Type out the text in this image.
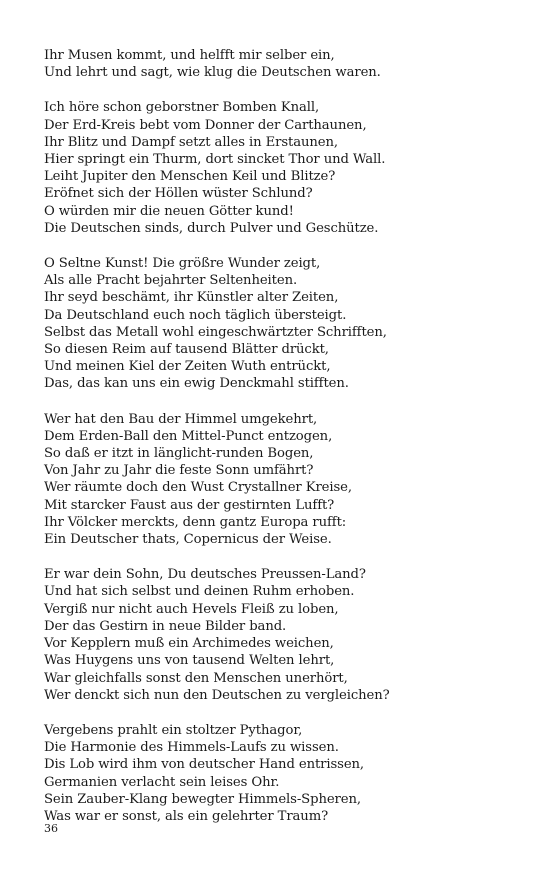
Ihr Musen kommt, und helfft mir selber ein,
Und lehrt und sagt, wie klug die Deutschen waren.
Ich höre schon geborstner Bomben Knall,
Der Erd-Kreis bebt vom Donner der Carthaunen,
Ihr Blitz und Dampf setzt alles in Erstaunen,
Hier springt ein Thurm, dort sincket Thor und Wall.
Leiht Jupiter den Menschen Keil und Blitze?
Eröfnet sich der Höllen wüster Schlund?
O würden mir die neuen Götter kund!
Die Deutschen sinds, durch Pulver und Geschütze.
O Seltne Kunst! Die größre Wunder zeigt,
Als alle Pracht bejahrter Seltenheiten.
Ihr seyd beschämt, ihr Künstler alter Zeiten,
Da Deutschland euch noch täglich übersteigt.
Selbst das Metall wohl eingeschwärtzter Schrifften,
So diesen Reim auf tausend Blätter drückt,
Und meinen Kiel der Zeiten Wuth entrückt,
Das, das kan uns ein ewig Denckmahl stifften.
Wer hat den Bau der Himmel umgekehrt,
Dem Erden-Ball den Mittel-Punct entzogen,
So daß er itzt in länglicht-runden Bogen,
Von Jahr zu Jahr die feste Sonn umfährt?
Wer räumte doch den Wust Crystallner Kreise,
Mit starcker Faust aus der gestirnten Lufft?
Ihr Völcker merckts, denn gantz Europa rufft:
Ein Deutscher thats, Copernicus der Weise.
Er war dein Sohn, Du deutsches Preussen-Land?
Und hat sich selbst und deinen Ruhm erhoben.
Vergiß nur nicht auch Hevels Fleiß zu loben,
Der das Gestirn in neue Bilder band.
Vor Kepplern muß ein Archimedes weichen,
Was Huygens uns von tausend Welten lehrt,
War gleichfalls sonst den Menschen unerhört,
Wer denckt sich nun den Deutschen zu vergleichen?
Vergebens prahlt ein stoltzer Pythagor,
Die Harmonie des Himmels-Laufs zu wissen.
Dis Lob wird ihm von deutscher Hand entrissen,
Germanien verlacht sein leises Ohr.
Sein Zauber-Klang bewegter Himmels-Spheren,
Was war er sonst, als ein gelehrter Traum?
36
